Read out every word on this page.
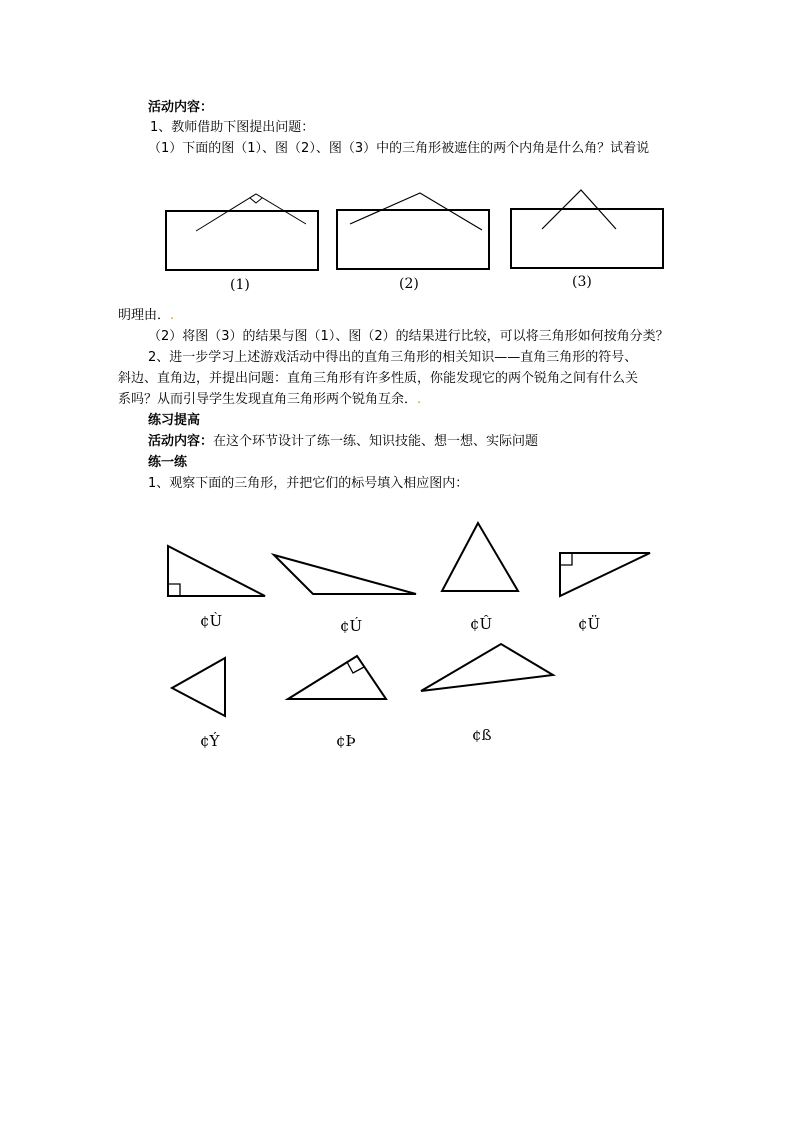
活动内容：
1、教师借助下图提出问题：
（1）下面的图（1）、图（2）、图（3）中的三角形被遮住的两个内角是什么角？试着说
(1)	(2)	(3)
明理由．.
（2）将图（3）的结果与图（1）、图（2）的结果进行比较，可以将三角形如何按角分类？
2、进一步学习上述游戏活动中得出的直角三角形的相关知识——直角三角形的符号、
斜边、直角边，并提出问题：直角三角形有许多性质，你能发现它的两个锐角之间有什么关
系吗？从而引导学生发现直角三角形两个锐角互余．.
练习提高
活动内容：在这个环节设计了练一练、知识技能、想一想、实际问题
练一练
1、观察下面的三角形，并把它们的标号填入相应图内：
¢Ù	¢Ú	¢Û	¢Ü
¢Ý	¢Þ	¢ß
